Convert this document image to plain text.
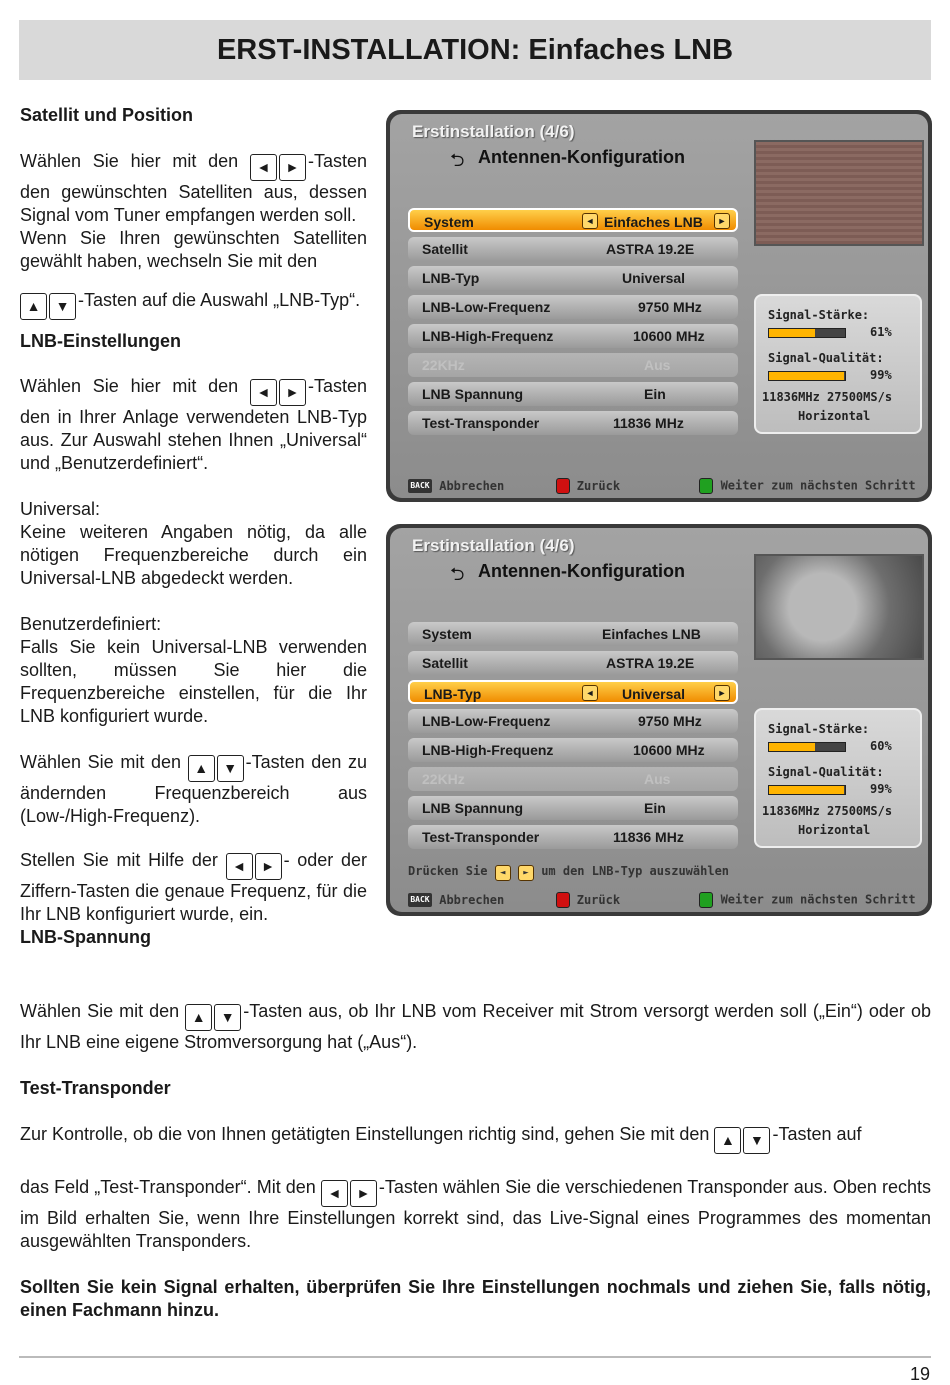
ERST-INSTALLATION: Einfaches LNB

Satellit und Position

Wählen Sie hier mit den ◄ ► -Tasten den gewünschten Satelliten aus, dessen Signal vom Tuner empfangen werden soll.

Wenn Sie Ihren gewünschten Satelliten gewählt haben, wechseln Sie mit den

▲ ▼ -Tasten auf die Auswahl „LNB-Typ“.

LNB-Einstellungen

Wählen Sie hier mit den ◄ ► -Tasten den in Ihrer Anlage verwendeten LNB-Typ aus. Zur Auswahl stehen Ihnen „Universal“ und „Benutzerdefiniert“.

Universal:

Keine weiteren Angaben nötig, da alle nötigen Frequenzbereiche durch ein Universal-LNB abgedeckt werden.

Benutzerdefiniert:

Falls Sie kein Universal-LNB verwenden sollten, müssen Sie hier die Frequenzbereiche einstellen, für die Ihr LNB konfiguriert wurde.

Wählen Sie mit den ▲ ▼ -Tasten den zu ändernden Frequenzbereich aus (Low-/High-Frequenz).

Stellen Sie mit Hilfe der ◄ ► - oder der Ziffern-Tasten die genaue Frequenz, für die Ihr LNB konfiguriert wurde, ein.

LNB-Spannung

Erstinstallation (4/6)
⮌ Antennen-Konfiguration
System	◄ Einfaches LNB	►
Satellit	ASTRA 19.2E
LNB-Typ	Universal
LNB-Low-Frequenz	9750 MHz
LNB-High-Frequenz	10600 MHz
22KHz	Aus
LNB Spannung	Ein
Test-Transponder	11836 MHz
Signal-Stärke:
61%
Signal-Qualität:
99%
11836MHz 27500MS/s
Horizontal
BACK Abbrechen	Zurück	Weiter zum nächsten Schritt
Erstinstallation (4/6)
⮌ Antennen-Konfiguration
System	Einfaches LNB
Satellit	ASTRA 19.2E
LNB-Typ	◄ Universal	►
LNB-Low-Frequenz	9750 MHz
LNB-High-Frequenz	10600 MHz
22KHz	Aus
LNB Spannung	Ein
Test-Transponder	11836 MHz
Signal-Stärke:
60%
Signal-Qualität:
99%
11836MHz 27500MS/s
Horizontal
Drücken Sie ◄ ► um den LNB-Typ auszuwählen
BACK Abbrechen	Zurück	Weiter zum nächsten Schritt

Wählen Sie mit den ▲ ▼ -Tasten aus, ob Ihr LNB vom Receiver mit Strom versorgt werden soll („Ein“) oder ob Ihr LNB eine eigene Stromversorgung hat („Aus“).

Test-Transponder

Zur Kontrolle, ob die von Ihnen getätigten Einstellungen richtig sind, gehen Sie mit den ▲ ▼ -Tasten auf

das Feld „Test-Transponder“. Mit den ◄ ► -Tasten wählen Sie die verschiedenen Transponder aus. Oben rechts im Bild erhalten Sie, wenn Ihre Einstellungen korrekt sind, das Live-Signal eines Programmes des momentan ausgewählten Transponders.

Sollten Sie kein Signal erhalten, überprüfen Sie Ihre Einstellungen nochmals und ziehen Sie, falls nötig, einen Fachmann hinzu.

19
